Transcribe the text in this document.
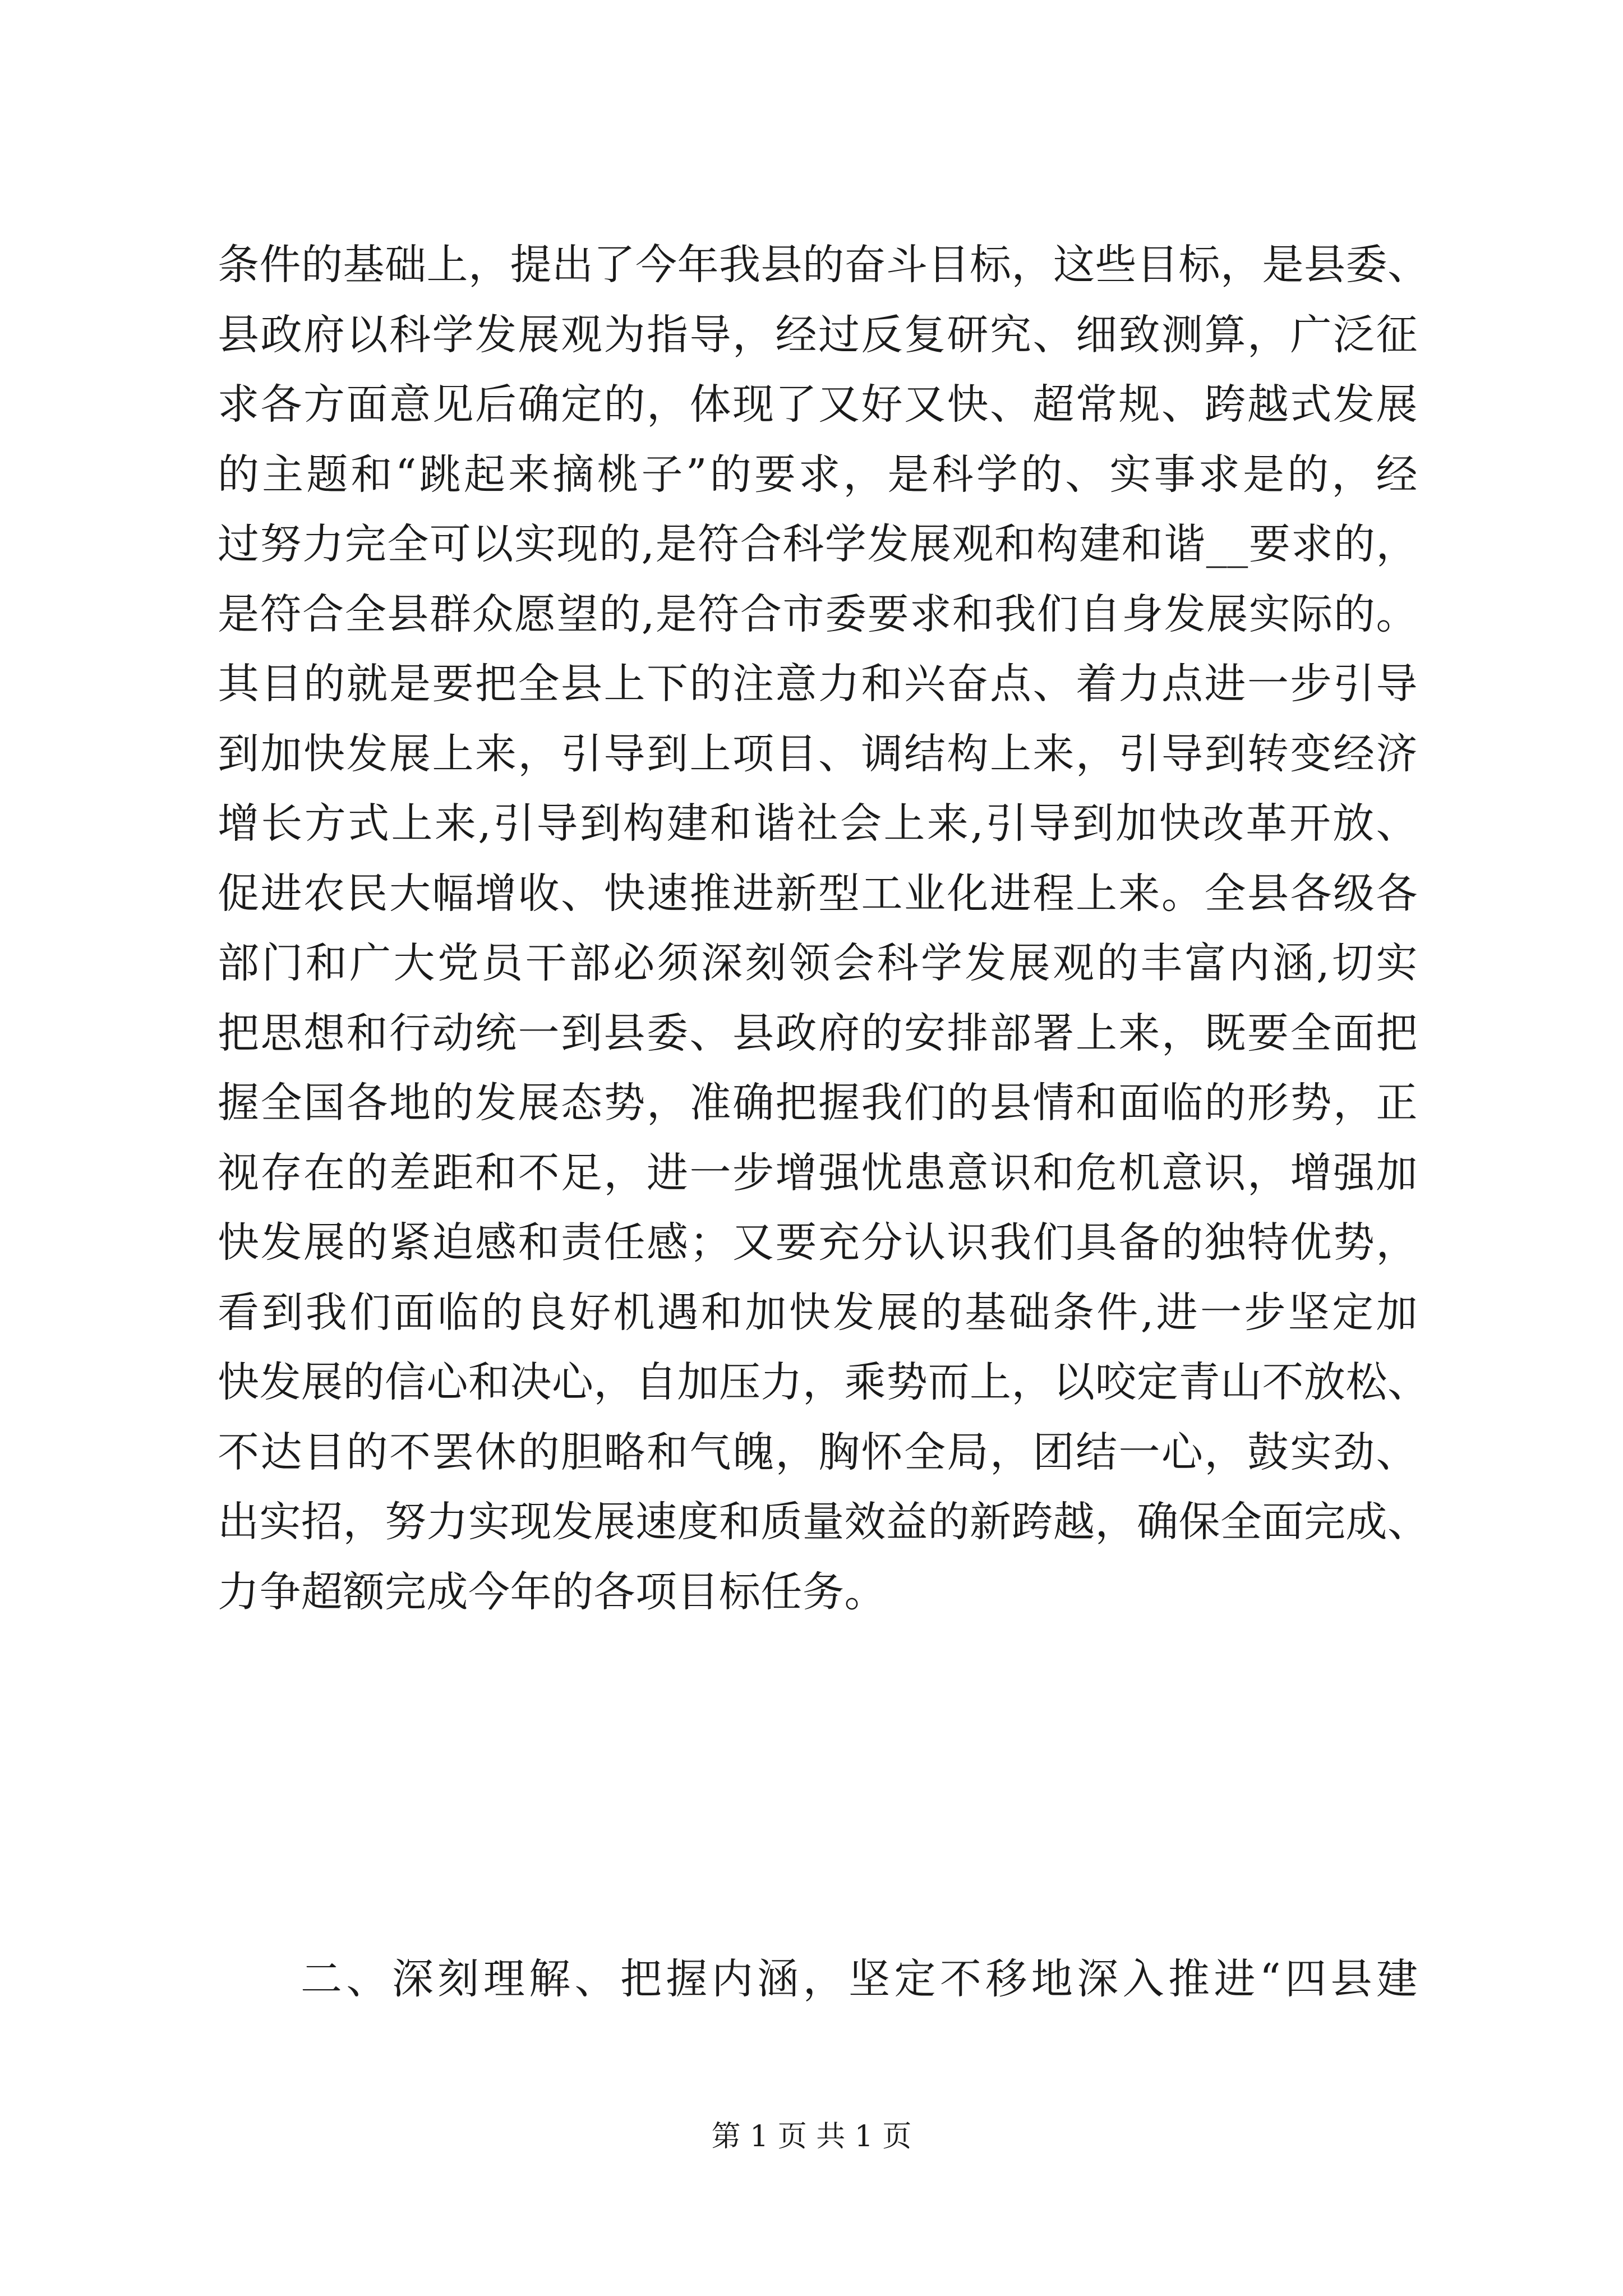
条件的基础上，提出了今年我县的奋斗目标，这些目标，是县委、
县政府以科学发展观为指导，经过反复研究、细致测算，广泛征
求各方面意见后确定的，体现了又好又快、超常规、跨越式发展
的主题和“跳起来摘桃子”的要求，是科学的、实事求是的，经
过努力完全可以实现的,是符合科学发展观和构建和谐__要求的，
是符合全县群众愿望的,是符合市委要求和我们自身发展实际的。
其目的就是要把全县上下的注意力和兴奋点、着力点进一步引导
到加快发展上来，引导到上项目、调结构上来，引导到转变经济
增长方式上来,引导到构建和谐社会上来,引导到加快改革开放、
促进农民大幅增收、快速推进新型工业化进程上来。全县各级各
部门和广大党员干部必须深刻领会科学发展观的丰富内涵,切实
把思想和行动统一到县委、县政府的安排部署上来，既要全面把
握全国各地的发展态势，准确把握我们的县情和面临的形势，正
视存在的差距和不足，进一步增强忧患意识和危机意识，增强加
快发展的紧迫感和责任感；又要充分认识我们具备的独特优势，
看到我们面临的良好机遇和加快发展的基础条件,进一步坚定加
快发展的信心和决心，自加压力，乘势而上，以咬定青山不放松、
不达目的不罢休的胆略和气魄，胸怀全局，团结一心，鼓实劲、
出实招，努力实现发展速度和质量效益的新跨越，确保全面完成、
力争超额完成今年的各项目标任务。
二、深刻理解、把握内涵，坚定不移地深入推进“四县建
第 1 页 共 1 页
